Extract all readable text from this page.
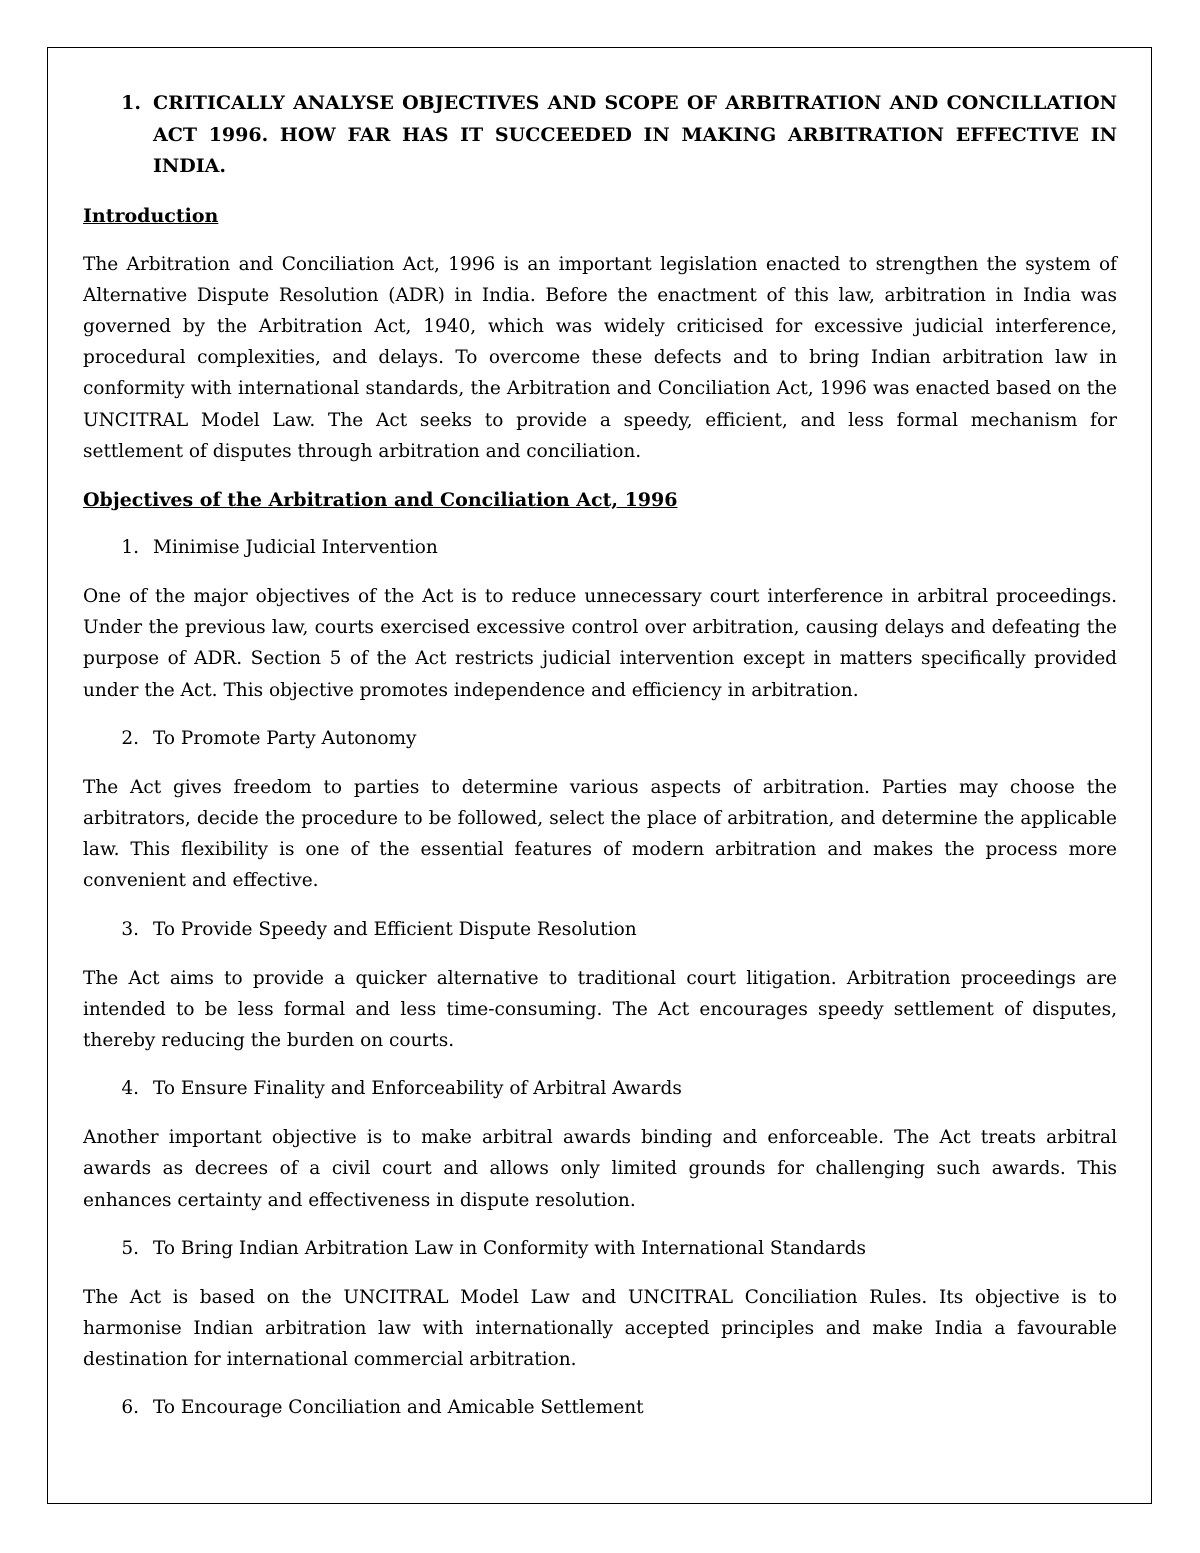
1. CRITICALLY ANALYSE OBJECTIVES AND SCOPE OF ARBITRATION AND CONCILLATION ACT 1996. HOW FAR HAS IT SUCCEEDED IN MAKING ARBITRATION EFFECTIVE IN INDIA.
Introduction
The Arbitration and Conciliation Act, 1996 is an important legislation enacted to strengthen the system of Alternative Dispute Resolution (ADR) in India. Before the enactment of this law, arbitration in India was governed by the Arbitration Act, 1940, which was widely criticised for excessive judicial interference, procedural complexities, and delays. To overcome these defects and to bring Indian arbitration law in conformity with international standards, the Arbitration and Conciliation Act, 1996 was enacted based on the UNCITRAL Model Law. The Act seeks to provide a speedy, efficient, and less formal mechanism for settlement of disputes through arbitration and conciliation.
Objectives of the Arbitration and Conciliation Act, 1996
1. Minimise Judicial Intervention
One of the major objectives of the Act is to reduce unnecessary court interference in arbitral proceedings. Under the previous law, courts exercised excessive control over arbitration, causing delays and defeating the purpose of ADR. Section 5 of the Act restricts judicial intervention except in matters specifically provided under the Act. This objective promotes independence and efficiency in arbitration.
2. To Promote Party Autonomy
The Act gives freedom to parties to determine various aspects of arbitration. Parties may choose the arbitrators, decide the procedure to be followed, select the place of arbitration, and determine the applicable law. This flexibility is one of the essential features of modern arbitration and makes the process more convenient and effective.
3. To Provide Speedy and Efficient Dispute Resolution
The Act aims to provide a quicker alternative to traditional court litigation. Arbitration proceedings are intended to be less formal and less time-consuming. The Act encourages speedy settlement of disputes, thereby reducing the burden on courts.
4. To Ensure Finality and Enforceability of Arbitral Awards
Another important objective is to make arbitral awards binding and enforceable. The Act treats arbitral awards as decrees of a civil court and allows only limited grounds for challenging such awards. This enhances certainty and effectiveness in dispute resolution.
5. To Bring Indian Arbitration Law in Conformity with International Standards
The Act is based on the UNCITRAL Model Law and UNCITRAL Conciliation Rules. Its objective is to harmonise Indian arbitration law with internationally accepted principles and make India a favourable destination for international commercial arbitration.
6. To Encourage Conciliation and Amicable Settlement
